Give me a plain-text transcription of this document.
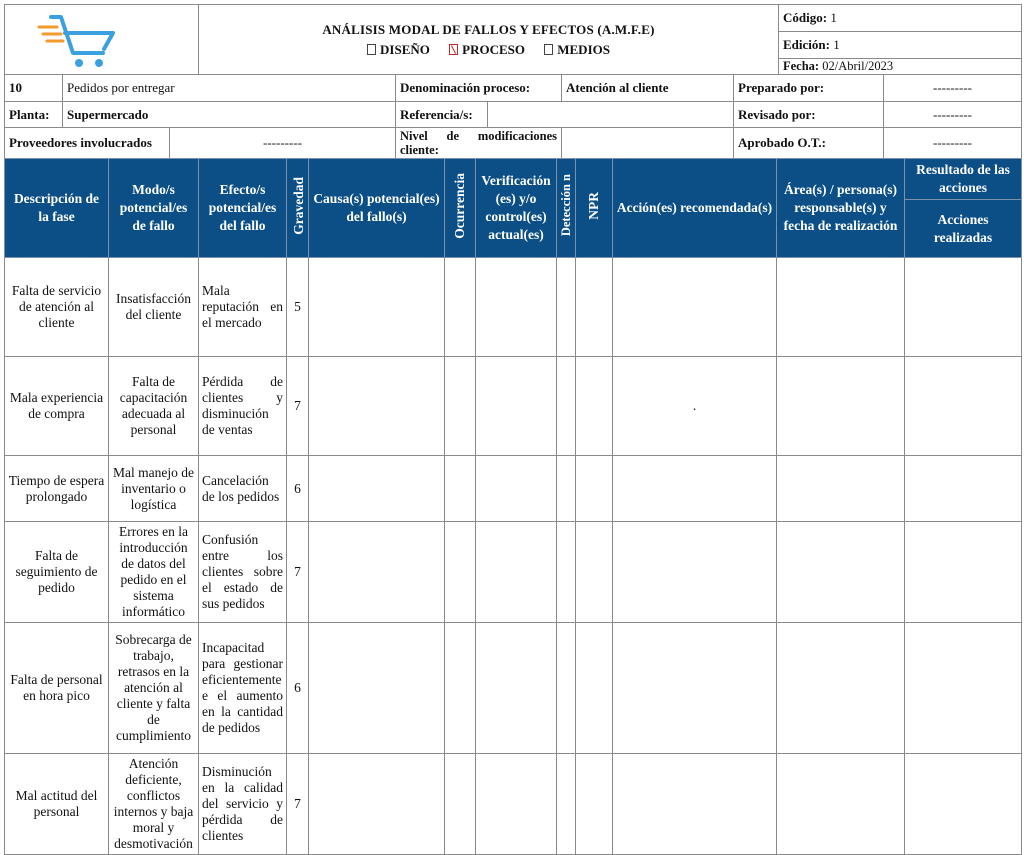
ANÁLISIS MODAL DE FALLOS Y EFECTOS (A.M.F.E)
DISEÑO PROCESO MEDIOS
	Código: 1
Edición: 1
Fecha: 02/Abril/2023
10	Pedidos por entregar		Denominación proceso:		Atención al cliente	Preparado por:	---------
Planta:	Supermercado		Referencia/s:			Revisado por:	---------
Proveedores involucrados		---------	Nivel de modificaciones cliente:			Aprobado O.T.:	---------
Descripción de la fase	Modo/s potencial/es de fallo	Efecto/s potencial/es del fallo	Gravedad	Causa(s) potencial(es) del fallo(s)	Ocurrencia	Verificación (es) y/o control(es) actual(es)	Detección n	NPR	Acción(es) recomendada(s)	Área(s) / persona(s) responsable(s) y fecha de realización	Resultado de las acciones
											Acciones realizadas
Falta de servicio de atención al cliente	Insatisfacción del cliente	Mala reputación en el mercado	5								
Mala experiencia de compra	Falta de capacitación adecuada al personal	Pérdida de clientes y disminución de ventas	7						.		
Tiempo de espera prolongado	Mal manejo de inventario o logística	Cancelación de los pedidos	6								
Falta de seguimiento de pedido	Errores en la introducción de datos del pedido en el sistema informático	Confusión entre los clientes sobre el estado de sus pedidos	7								
Falta de personal en hora pico	Sobrecarga de trabajo, retrasos en la atención al cliente y falta de cumplimiento	Incapacitad para gestionar eficientemente e el aumento en la cantidad de pedidos	6								
Mal actitud del personal	Atención deficiente, conflictos internos y baja moral y desmotivación	Disminución en la calidad del servicio y pérdida de clientes	7								
